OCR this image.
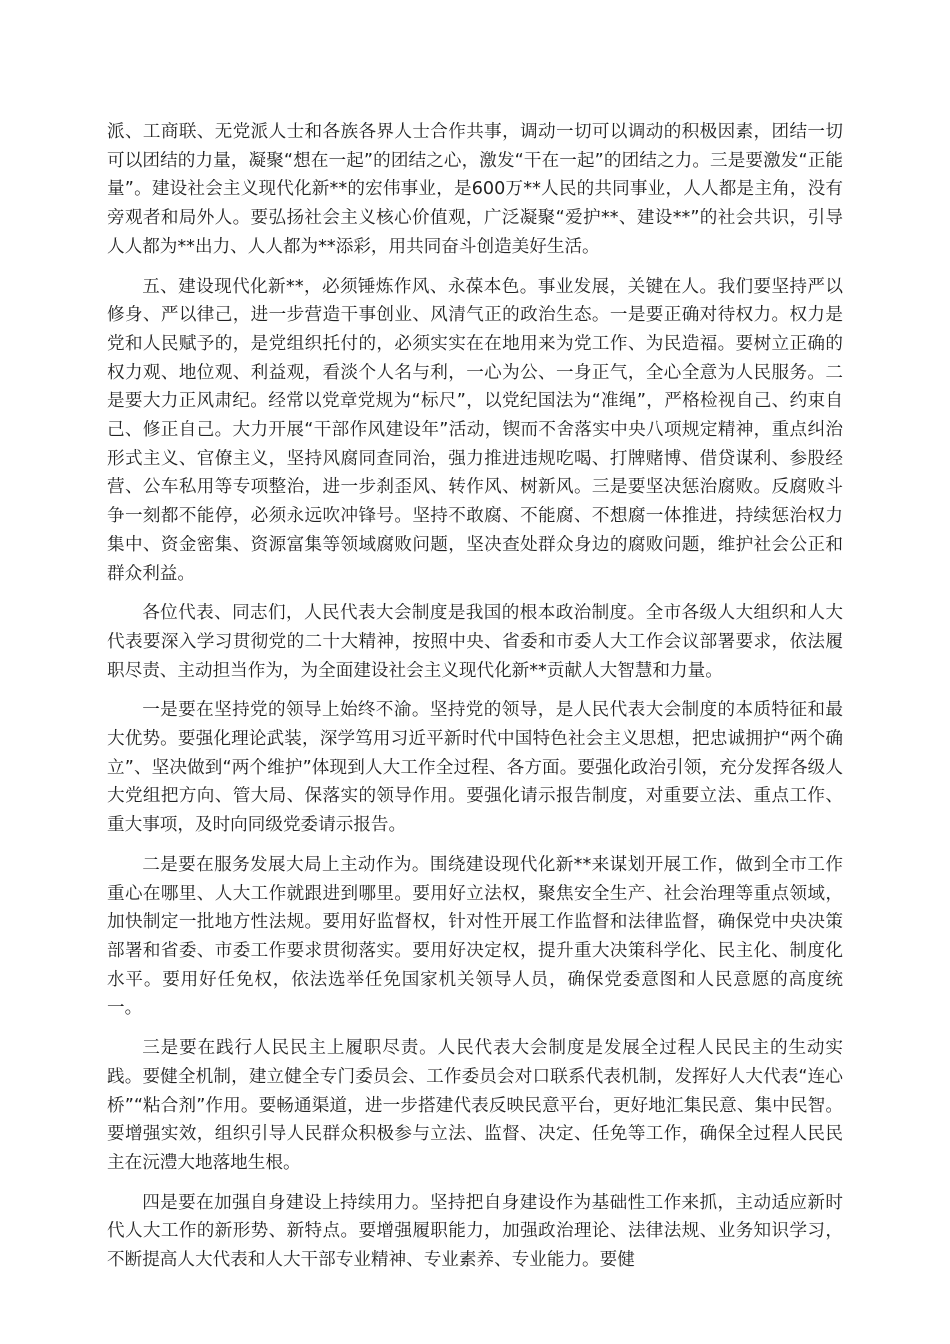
派、工商联、无党派人士和各族各界人士合作共事，调动一切可以调动的积极因素，团结一切可以团结的力量，凝聚“想在一起”的团结之心，激发“干在一起”的团结之力。三是要激发“正能量”。建设社会主义现代化新**的宏伟事业，是600万**人民的共同事业，人人都是主角，没有旁观者和局外人。要弘扬社会主义核心价值观，广泛凝聚“爱护**、建设**”的社会共识，引导人人都为**出力、人人都为**添彩，用共同奋斗创造美好生活。

五、建设现代化新**，必须锤炼作风、永葆本色。事业发展，关键在人。我们要坚持严以修身、严以律己，进一步营造干事创业、风清气正的政治生态。一是要正确对待权力。权力是党和人民赋予的，是党组织托付的，必须实实在在地用来为党工作、为民造福。要树立正确的权力观、地位观、利益观，看淡个人名与利，一心为公、一身正气，全心全意为人民服务。二是要大力正风肃纪。经常以党章党规为“标尺”，以党纪国法为“准绳”，严格检视自己、约束自己、修正自己。大力开展“干部作风建设年”活动，锲而不舍落实中央八项规定精神，重点纠治形式主义、官僚主义，坚持风腐同查同治，强力推进违规吃喝、打牌赌博、借贷谋利、参股经营、公车私用等专项整治，进一步刹歪风、转作风、树新风。三是要坚决惩治腐败。反腐败斗争一刻都不能停，必须永远吹冲锋号。坚持不敢腐、不能腐、不想腐一体推进，持续惩治权力集中、资金密集、资源富集等领域腐败问题，坚决查处群众身边的腐败问题，维护社会公正和群众利益。

各位代表、同志们，人民代表大会制度是我国的根本政治制度。全市各级人大组织和人大代表要深入学习贯彻党的二十大精神，按照中央、省委和市委人大工作会议部署要求，依法履职尽责、主动担当作为，为全面建设社会主义现代化新**贡献人大智慧和力量。

一是要在坚持党的领导上始终不渝。坚持党的领导，是人民代表大会制度的本质特征和最大优势。要强化理论武装，深学笃用习近平新时代中国特色社会主义思想，把忠诚拥护“两个确立”、坚决做到“两个维护”体现到人大工作全过程、各方面。要强化政治引领，充分发挥各级人大党组把方向、管大局、保落实的领导作用。要强化请示报告制度，对重要立法、重点工作、重大事项，及时向同级党委请示报告。

二是要在服务发展大局上主动作为。围绕建设现代化新**来谋划开展工作，做到全市工作重心在哪里、人大工作就跟进到哪里。要用好立法权，聚焦安全生产、社会治理等重点领域，加快制定一批地方性法规。要用好监督权，针对性开展工作监督和法律监督，确保党中央决策部署和省委、市委工作要求贯彻落实。要用好决定权，提升重大决策科学化、民主化、制度化水平。要用好任免权，依法选举任免国家机关领导人员，确保党委意图和人民意愿的高度统一。

三是要在践行人民民主上履职尽责。人民代表大会制度是发展全过程人民民主的生动实践。要健全机制，建立健全专门委员会、工作委员会对口联系代表机制，发挥好人大代表“连心桥”“粘合剂”作用。要畅通渠道，进一步搭建代表反映民意平台，更好地汇集民意、集中民智。要增强实效，组织引导人民群众积极参与立法、监督、决定、任免等工作，确保全过程人民民主在沅澧大地落地生根。

四是要在加强自身建设上持续用力。坚持把自身建设作为基础性工作来抓，主动适应新时代人大工作的新形势、新特点。要增强履职能力，加强政治理论、法律法规、业务知识学习，不断提高人大代表和人大干部专业精神、专业素养、专业能力。要健
